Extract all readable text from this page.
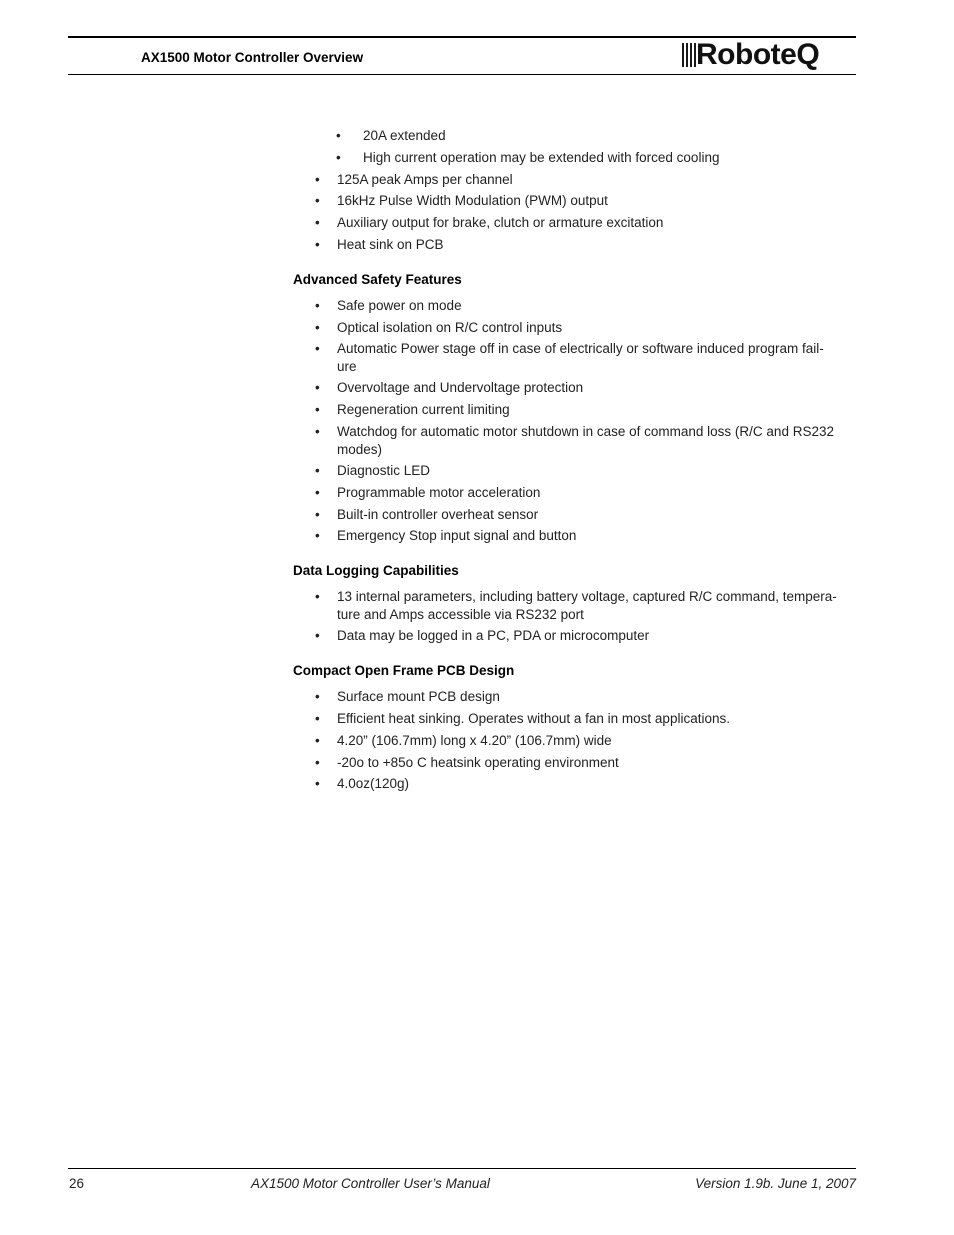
AX1500 Motor Controller Overview	RoboteQ
• 20A extended
• High current operation may be extended with forced cooling
• 125A peak Amps per channel
• 16kHz Pulse Width Modulation (PWM) output
• Auxiliary output for brake, clutch or armature excitation
• Heat sink on PCB
Advanced Safety Features
• Safe power on mode
• Optical isolation on R/C control inputs
• Automatic Power stage off in case of electrically or software induced program fail-
ure
• Overvoltage and Undervoltage protection
• Regeneration current limiting
• Watchdog for automatic motor shutdown in case of command loss (R/C and RS232
modes)
• Diagnostic LED
• Programmable motor acceleration
• Built-in controller overheat sensor
• Emergency Stop input signal and button
Data Logging Capabilities
• 13 internal parameters, including battery voltage, captured R/C command, tempera-
ture and Amps accessible via RS232 port
• Data may be logged in a PC, PDA or microcomputer
Compact Open Frame PCB Design
• Surface mount PCB design
• Efficient heat sinking. Operates without a fan in most applications.
• 4.20” (106.7mm) long x 4.20” (106.7mm) wide
• -20o to +85o C heatsink operating environment
• 4.0oz(120g)
26	AX1500 Motor Controller User’s Manual	Version 1.9b. June 1, 2007
